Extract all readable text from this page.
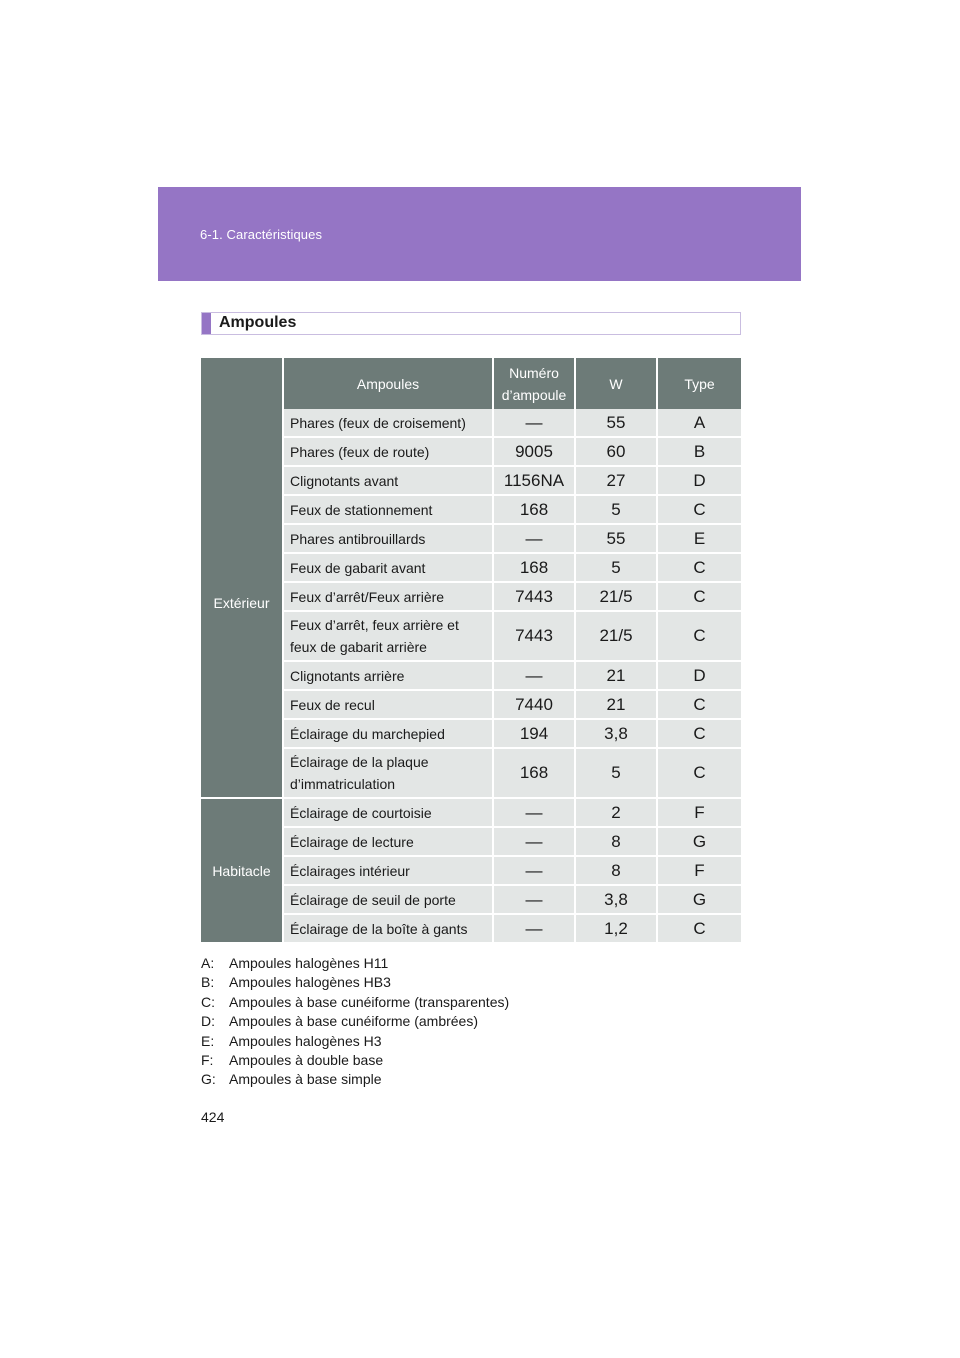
6-1. Caractéristiques
Ampoules
	Ampoules	Numéro
d’ampoule	W	Type
Extérieur	Phares (feux de croisement)	—	55	A
	Phares (feux de route)	9005	60	B
	Clignotants avant	1156NA	27	D
	Feux de stationnement	168	5	C
	Phares antibrouillards	—	55	E
	Feux de gabarit avant	168	5	C
	Feux d’arrêt/Feux arrière	7443	21/5	C
	Feux d’arrêt, feux arrière et
feux de gabarit arrière	7443	21/5	C
	Clignotants arrière	—	21	D
	Feux de recul	7440	21	C
	Éclairage du marchepied	194	3,8	C
	Éclairage de la plaque
d’immatriculation	168	5	C
Habitacle	Éclairage de courtoisie	—	2	F
	Éclairage de lecture	—	8	G
	Éclairages intérieur	—	8	F
	Éclairage de seuil de porte	—	3,8	G
	Éclairage de la boîte à gants	—	1,2	C
A:	Ampoules halogènes H11
B:	Ampoules halogènes HB3
C:	Ampoules à base cunéiforme (transparentes)
D:	Ampoules à base cunéiforme (ambrées)
E:	Ampoules halogènes H3
F:	Ampoules à double base
G: Ampoules à base simple
424
